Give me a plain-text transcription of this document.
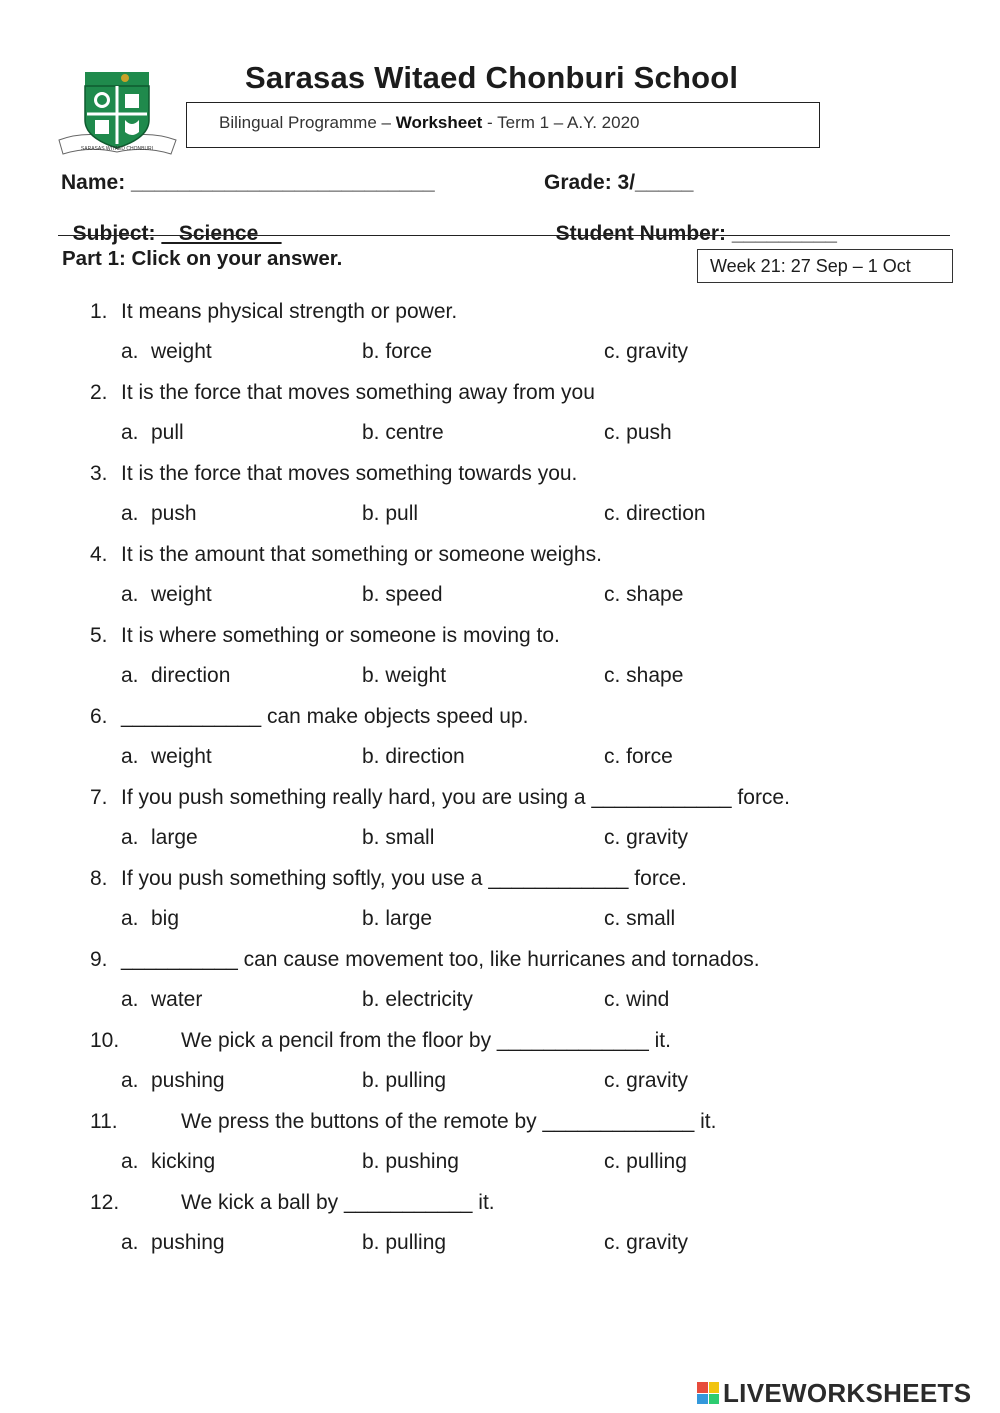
SARASAS WITAED CHONBURI
Sarasas Witaed Chonburi School
Bilingual Programme – Worksheet - Term 1 – A.Y. 2020
Name: __________________________	Grade: 3/_____

Subject:    Science	Student Number: _________

Part 1: Click on your answer.	Week 21: 27 Sep – 1 Oct
1. It means physical strength or power.
a. weight	b. force	c. gravity
2. It is the force that moves something away from you
a. pull	b. centre	c. push
3. It is the force that moves something towards you.
a. push	b. pull	c. direction
4. It is the amount that something or someone weighs.
a. weight	b. speed	c. shape
5. It is where something or someone is moving to.
a. direction	b. weight	c. shape
6. ____________ can make objects speed up.
a. weight	b. direction	c. force
7. If you push something really hard, you are using a ____________ force.
a. large	b. small	c. gravity
8. If you push something softly, you use a ____________ force.
a. big	b. large	c. small
9. __________ can cause movement too, like hurricanes and tornados.
a. water	b. electricity	c. wind
10.	We pick a pencil from the floor by _____________ it.
a. pushing	b. pulling	c. gravity
11.	We press the buttons of the remote by _____________ it.
a. kicking	b. pushing	c. pulling
12.	We kick a ball by ___________ it.
a. pushing	b. pulling	c. gravity
LIVEWORKSHEETS
